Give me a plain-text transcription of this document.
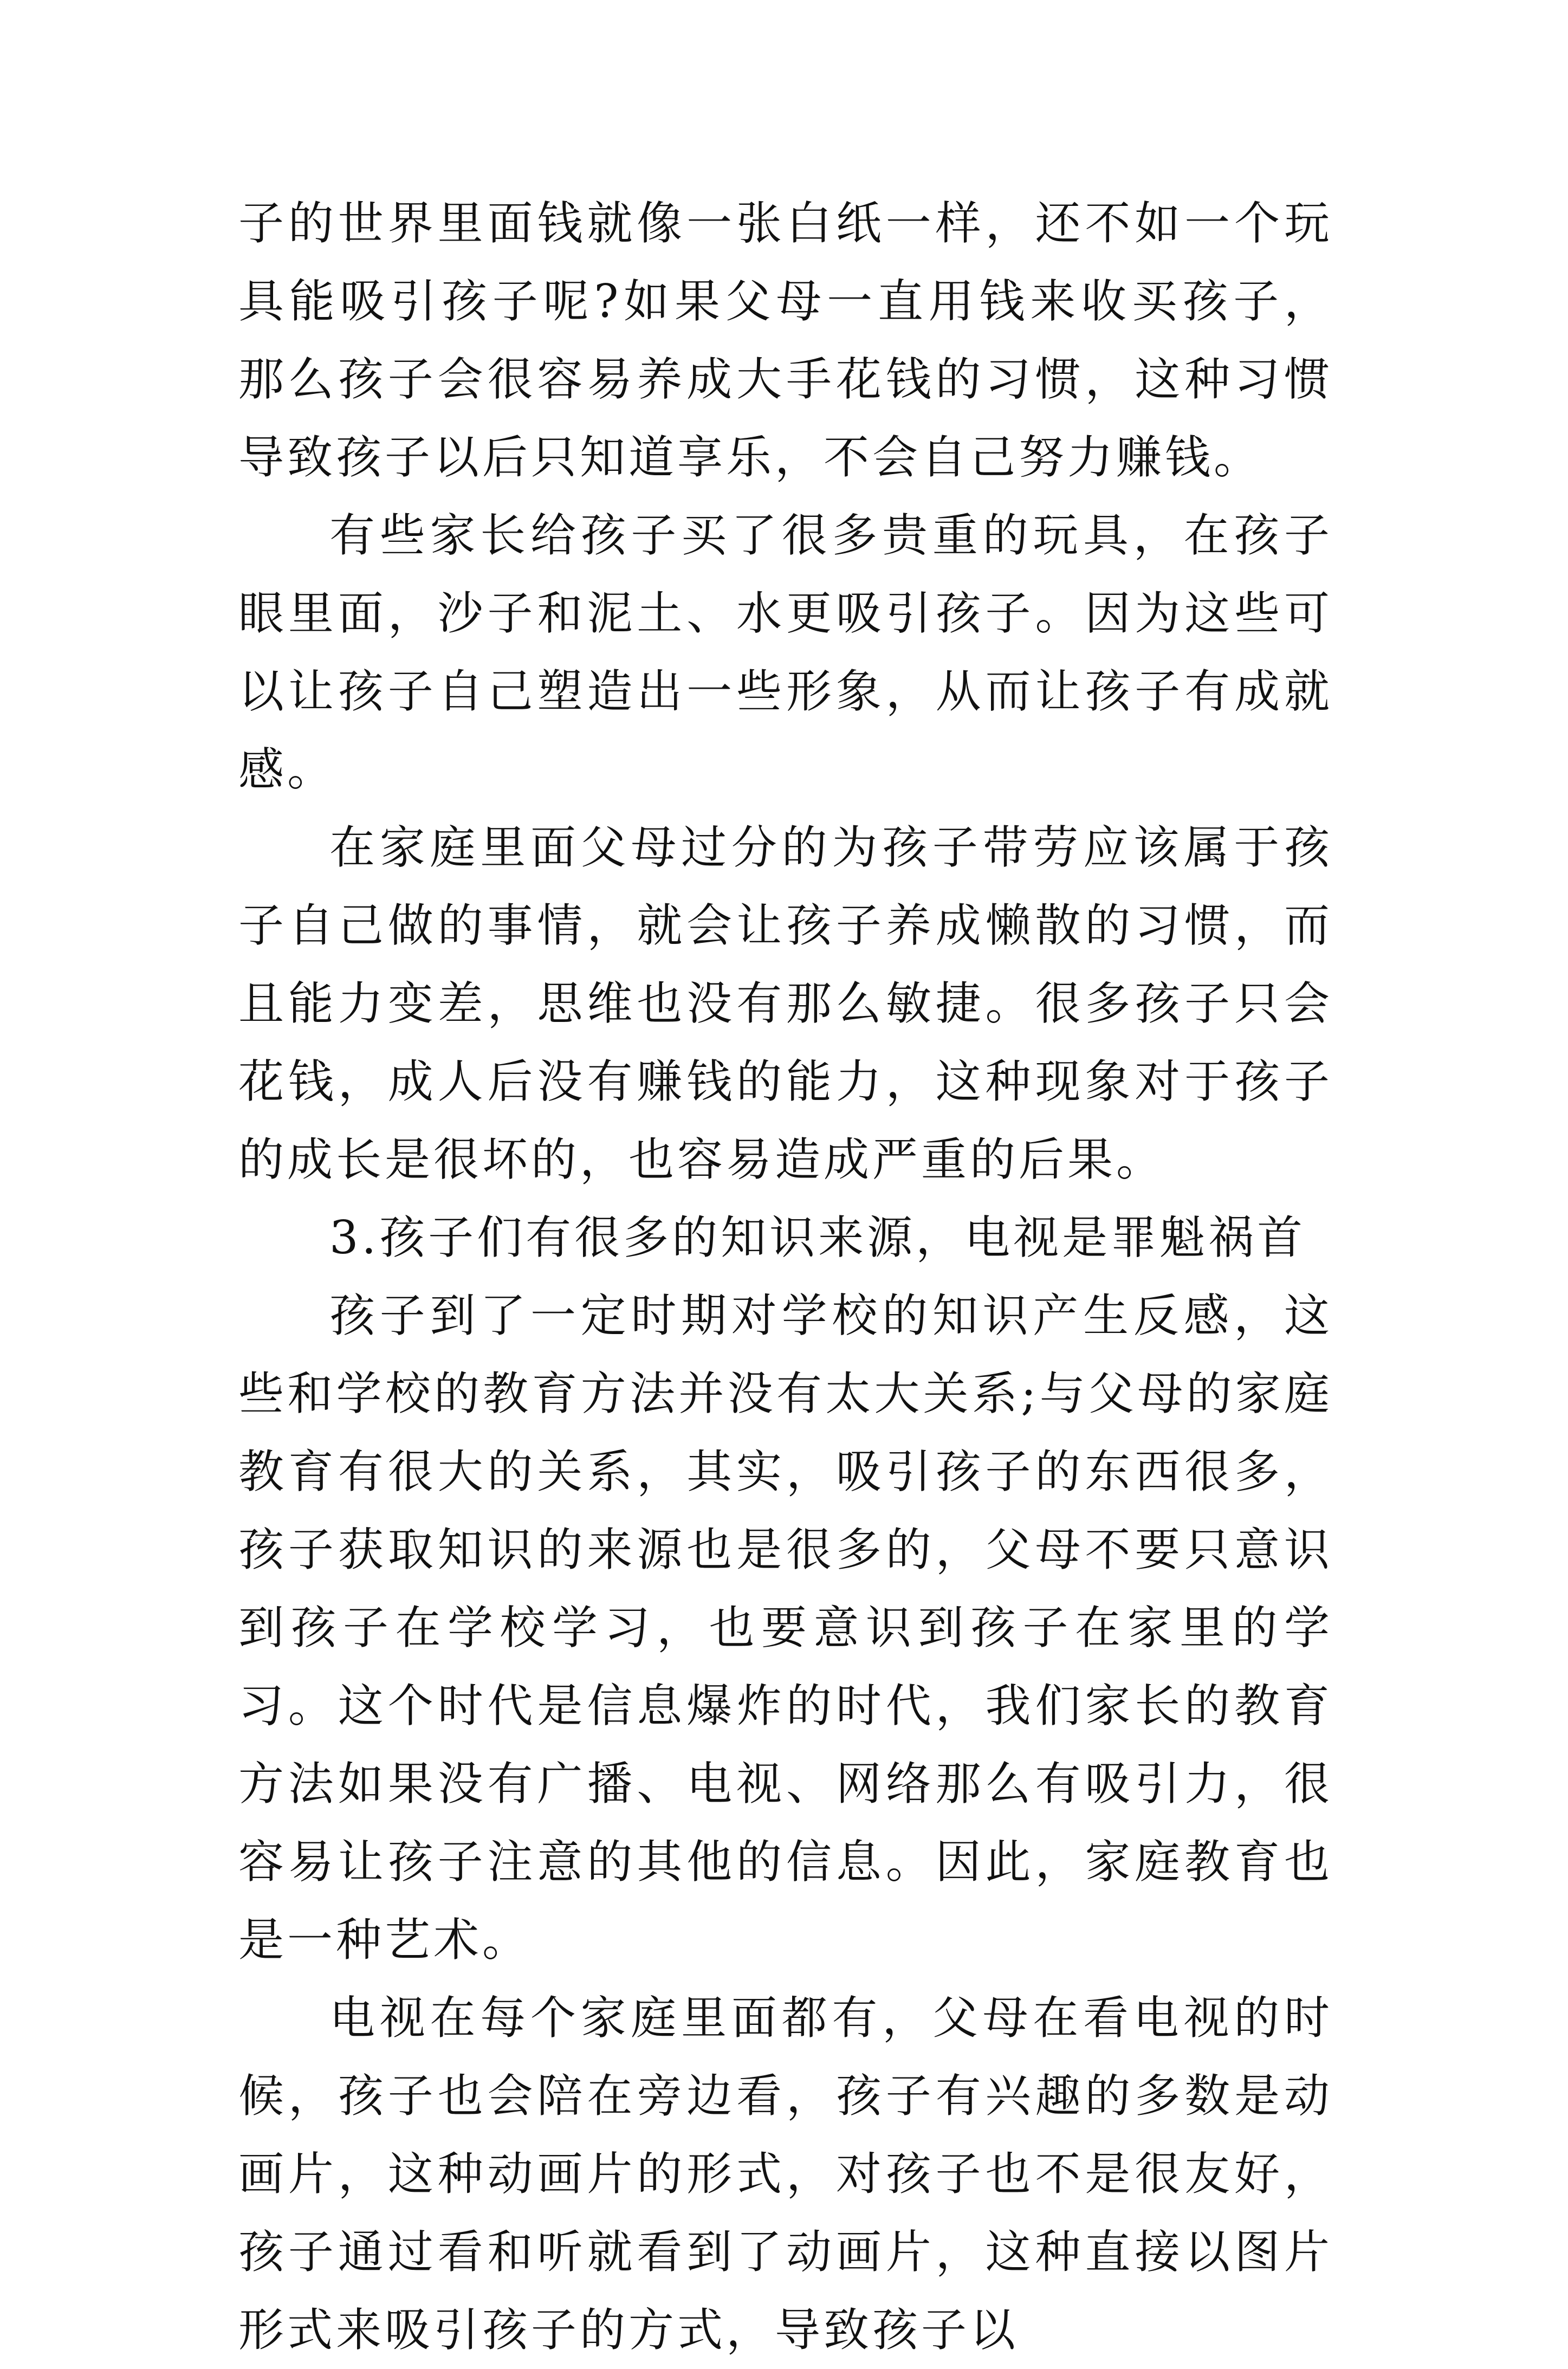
子的世界里面钱就像一张白纸一样，还不如一个玩具能吸引孩子呢?如果父母一直用钱来收买孩子，那么孩子会很容易养成大手花钱的习惯，这种习惯导致孩子以后只知道享乐，不会自己努力赚钱。

有些家长给孩子买了很多贵重的玩具，在孩子眼里面，沙子和泥土、水更吸引孩子。因为这些可以让孩子自己塑造出一些形象，从而让孩子有成就感。

在家庭里面父母过分的为孩子带劳应该属于孩子自己做的事情，就会让孩子养成懒散的习惯，而且能力变差，思维也没有那么敏捷。很多孩子只会花钱，成人后没有赚钱的能力，这种现象对于孩子的成长是很坏的，也容易造成严重的后果。

3.孩子们有很多的知识来源，电视是罪魁祸首

孩子到了一定时期对学校的知识产生反感，这些和学校的教育方法并没有太大关系;与父母的家庭教育有很大的关系，其实，吸引孩子的东西很多，孩子获取知识的来源也是很多的，父母不要只意识到孩子在学校学习，也要意识到孩子在家里的学习。这个时代是信息爆炸的时代，我们家长的教育方法如果没有广播、电视、网络那么有吸引力，很容易让孩子注意的其他的信息。因此，家庭教育也是一种艺术。

电视在每个家庭里面都有，父母在看电视的时候，孩子也会陪在旁边看，孩子有兴趣的多数是动画片，这种动画片的形式，对孩子也不是很友好，孩子通过看和听就看到了动画片，这种直接以图片形式来吸引孩子的方式，导致孩子以
